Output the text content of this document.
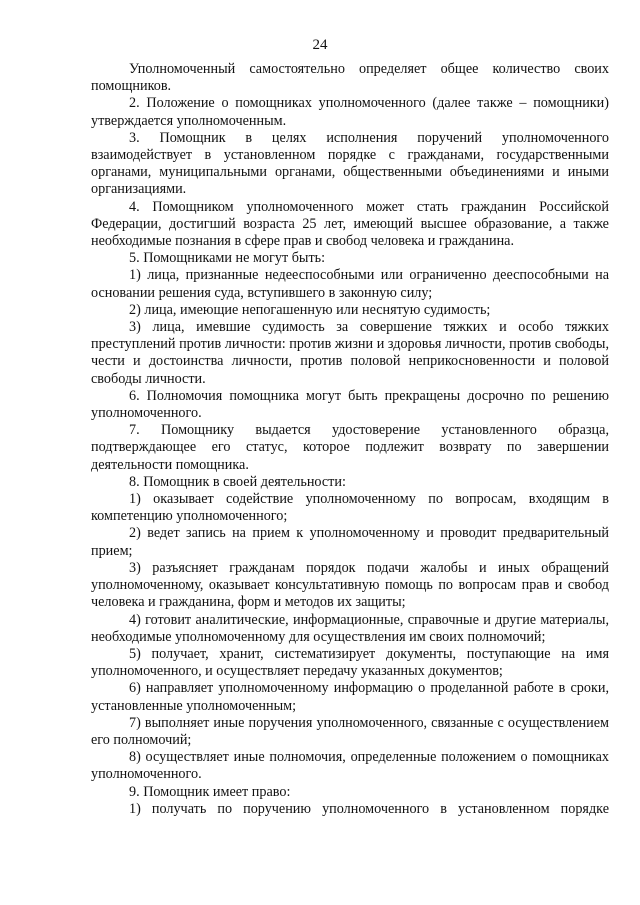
24

Уполномоченный самостоятельно определяет общее количество своих помощников.

2. Положение о помощниках уполномоченного (далее также – помощники) утверждается уполномоченным.

3. Помощник в целях исполнения поручений уполномоченного взаимодействует в установленном порядке с гражданами, государственными органами, муниципальными органами, общественными объединениями и иными организациями.

4. Помощником уполномоченного может стать гражданин Российской Федерации, достигший возраста 25 лет, имеющий высшее образование, а также необходимые познания в сфере прав и свобод человека и гражданина.

5. Помощниками не могут быть:

1) лица, признанные недееспособными или ограниченно дееспособными на основании решения суда, вступившего в законную силу;

2) лица, имеющие непогашенную или неснятую судимость;

3) лица, имевшие судимость за совершение тяжких и особо тяжких преступлений против личности: против жизни и здоровья личности, против свободы, чести и достоинства личности, против половой неприкосновенности и половой свободы личности.

6. Полномочия помощника могут быть прекращены досрочно по решению уполномоченного.

7. Помощнику выдается удостоверение установленного образца, подтверждающее его статус, которое подлежит возврату по завершении деятельности помощника.

8. Помощник в своей деятельности:

1) оказывает содействие уполномоченному по вопросам, входящим в компетенцию уполномоченного;

2) ведет запись на прием к уполномоченному и проводит предварительный прием;

3) разъясняет гражданам порядок подачи жалобы и иных обращений уполномоченному, оказывает консультативную помощь по вопросам прав и свобод человека и гражданина, форм и методов их защиты;

4) готовит аналитические, информационные, справочные и другие материалы, необходимые уполномоченному для осуществления им своих полномочий;

5) получает, хранит, систематизирует документы, поступающие на имя уполномоченного, и осуществляет передачу указанных документов;

6) направляет уполномоченному информацию о проделанной работе в сроки, установленные уполномоченным;

7) выполняет иные поручения уполномоченного, связанные с осуществлением его полномочий;

8) осуществляет иные полномочия, определенные положением о помощниках уполномоченного.

9. Помощник имеет право:

1) получать по поручению уполномоченного в установленном порядке
